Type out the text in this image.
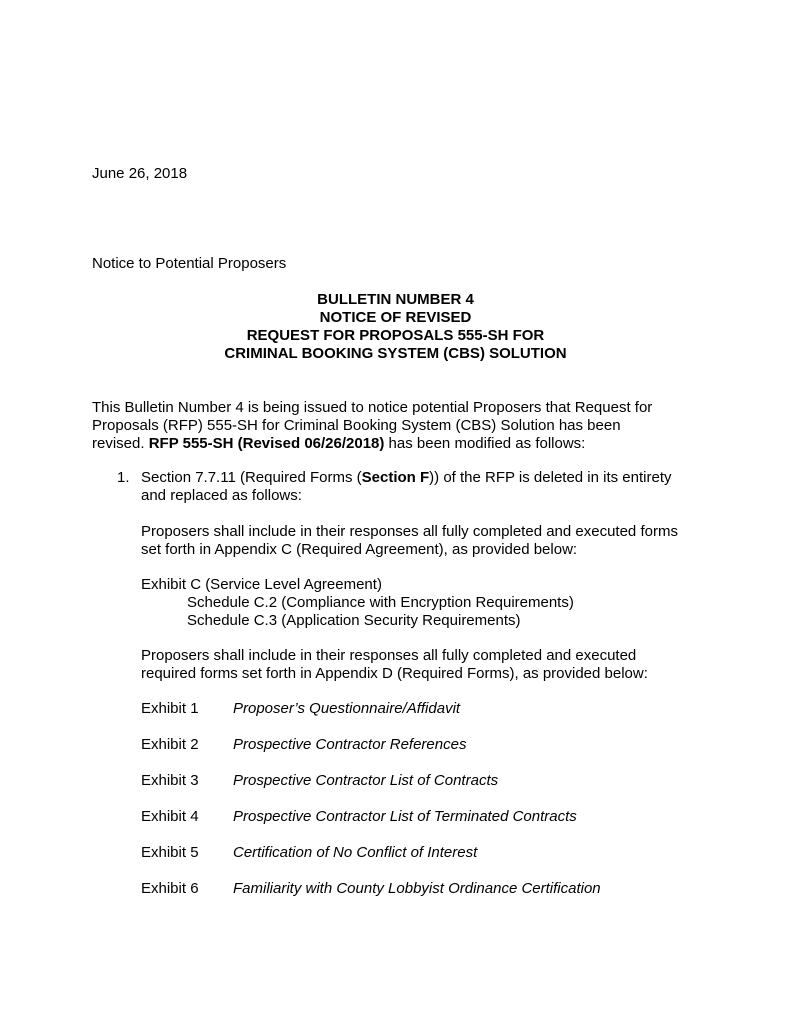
June 26, 2018
Notice to Potential Proposers
BULLETIN NUMBER 4
NOTICE OF REVISED
REQUEST FOR PROPOSALS 555-SH FOR
CRIMINAL BOOKING SYSTEM (CBS) SOLUTION
This Bulletin Number 4 is being issued to notice potential Proposers that Request for
Proposals (RFP) 555-SH for Criminal Booking System (CBS) Solution has been
revised. RFP 555-SH (Revised 06/26/2018) has been modified as follows:
1. Section 7.7.11 (Required Forms (Section F)) of the RFP is deleted in its entirety
and replaced as follows:
Proposers shall include in their responses all fully completed and executed forms
set forth in Appendix C (Required Agreement), as provided below:
Exhibit C (Service Level Agreement)
Schedule C.2 (Compliance with Encryption Requirements)
Schedule C.3 (Application Security Requirements)
Proposers shall include in their responses all fully completed and executed
required forms set forth in Appendix D (Required Forms), as provided below:
Exhibit 1 Proposer’s Questionnaire/Affidavit
Exhibit 2 Prospective Contractor References
Exhibit 3 Prospective Contractor List of Contracts
Exhibit 4 Prospective Contractor List of Terminated Contracts
Exhibit 5 Certification of No Conflict of Interest
Exhibit 6 Familiarity with County Lobbyist Ordinance Certification
